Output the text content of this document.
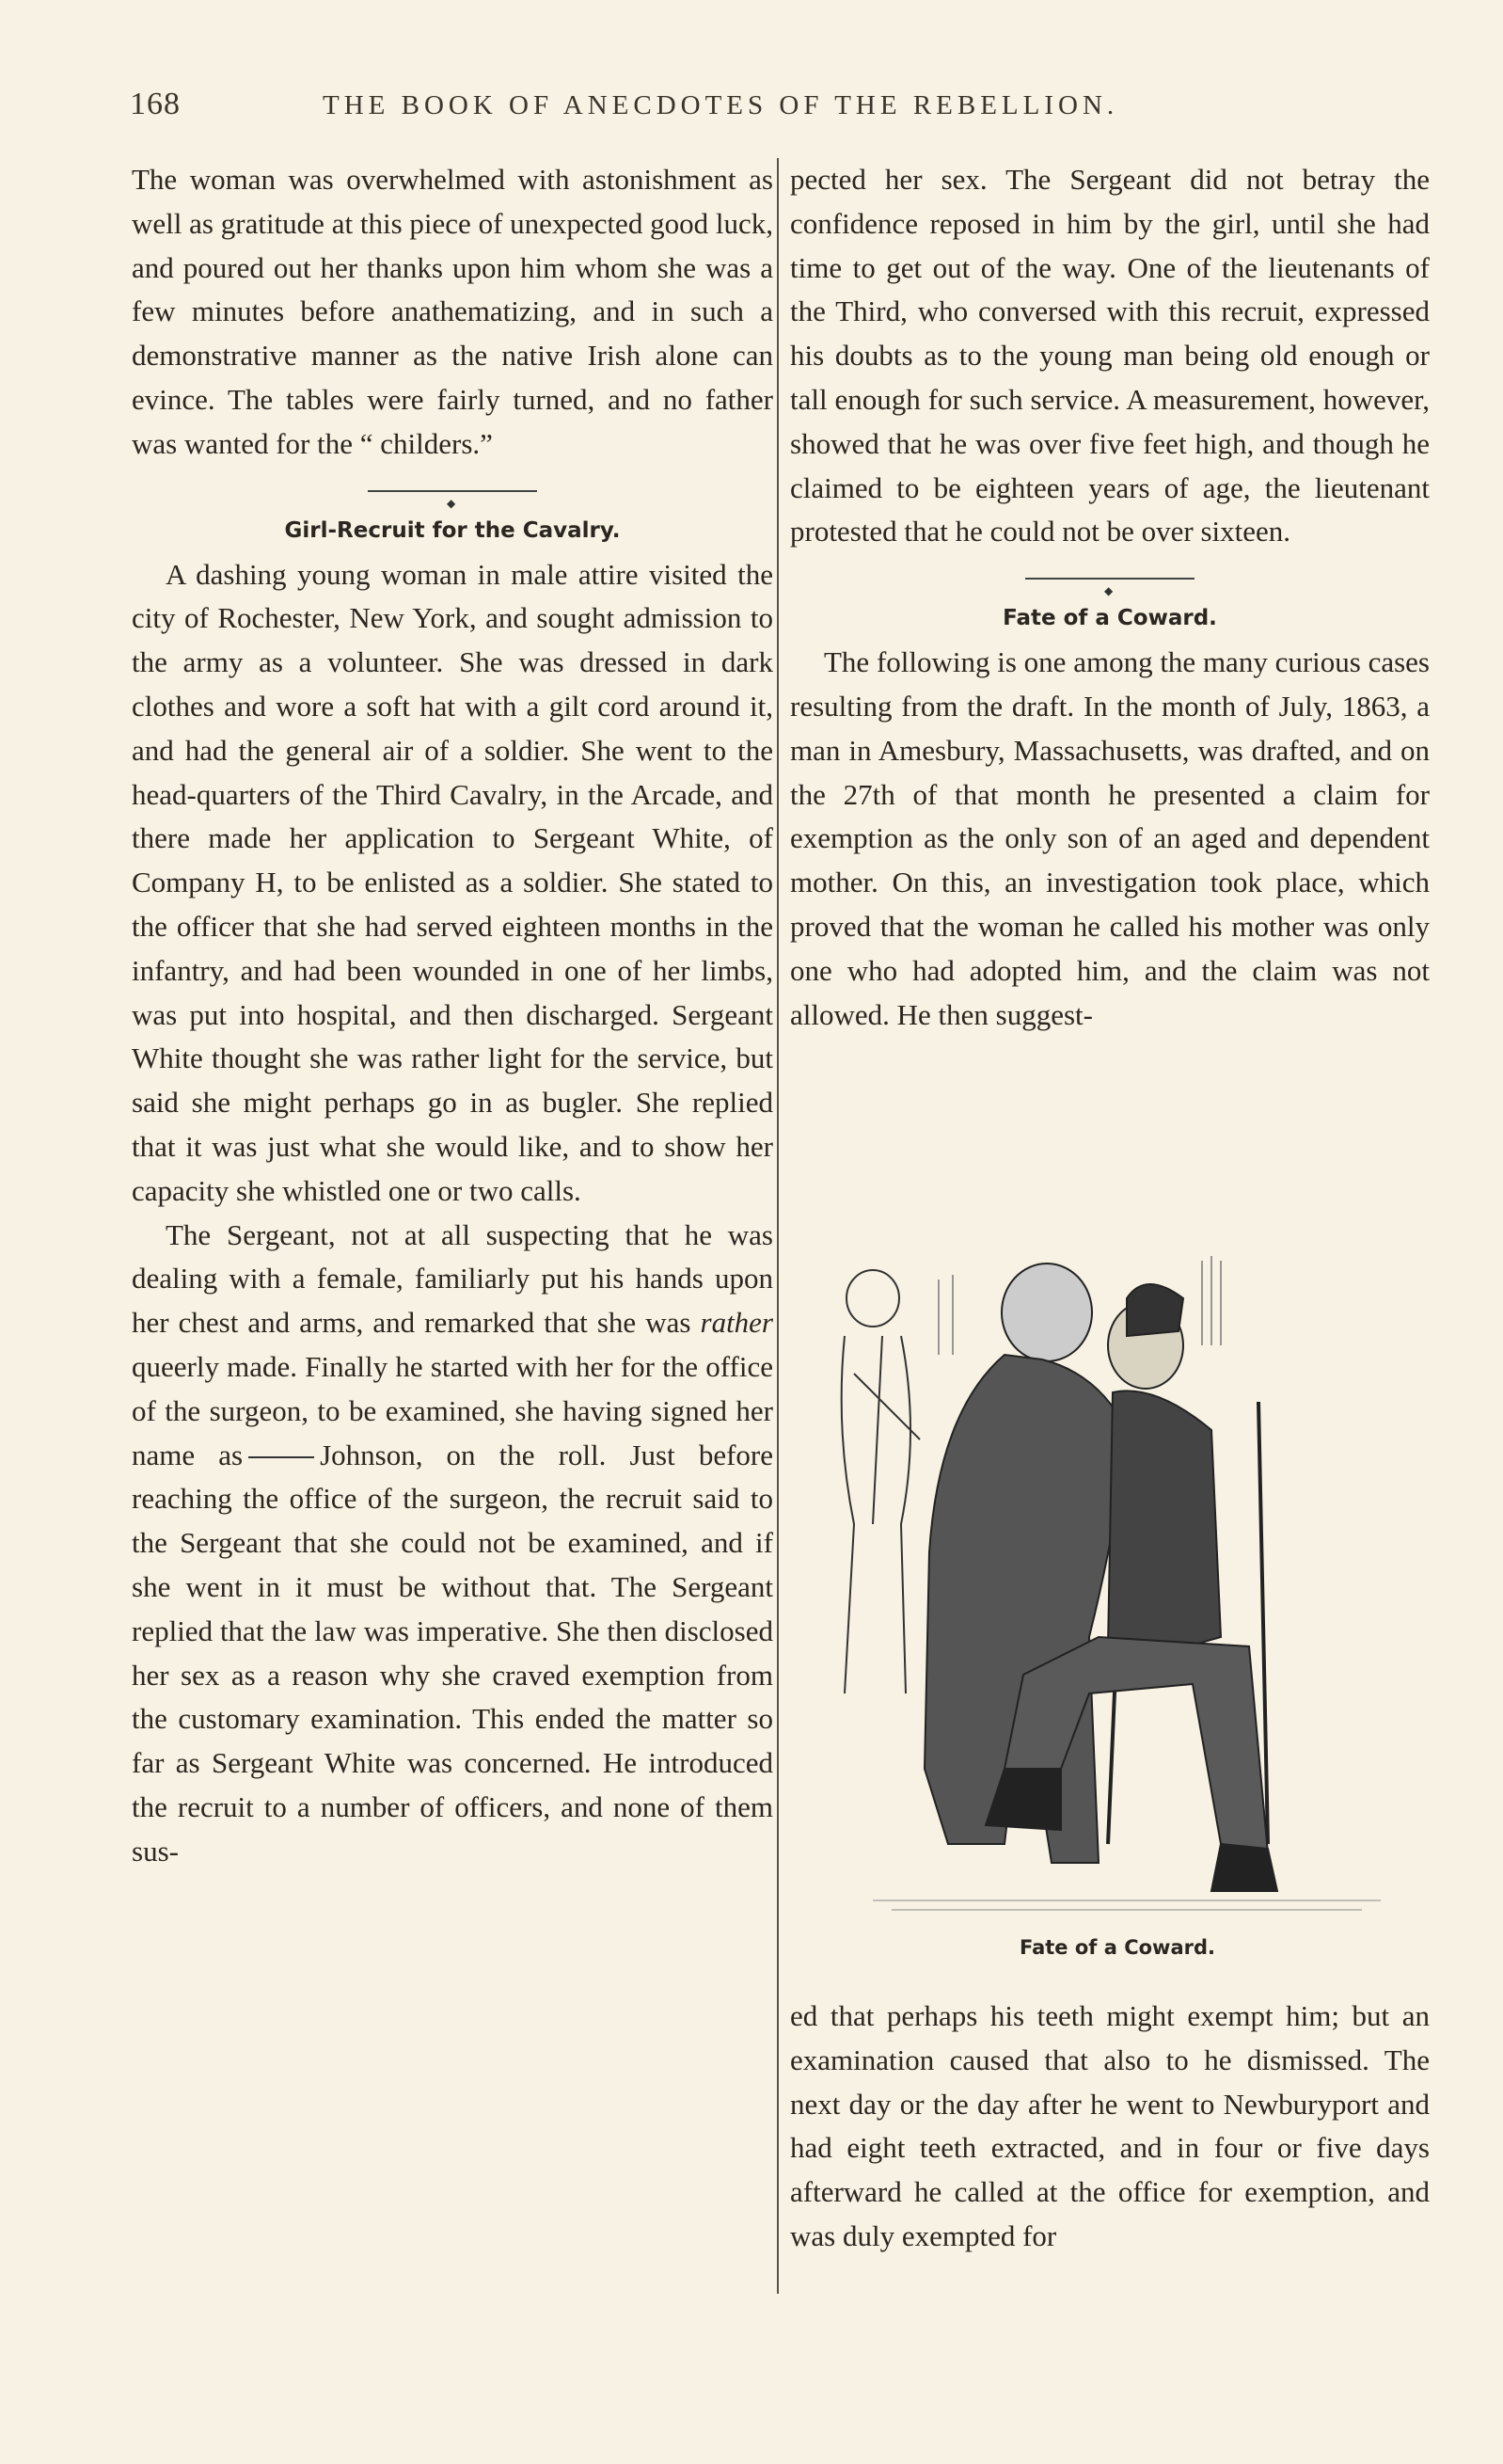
168	THE BOOK OF ANECDOTES OF THE REBELLION.

The woman was overwhelmed with astonishment as well as gratitude at this piece of unexpected good luck, and poured out her thanks upon him whom she was a few minutes before anathematizing, and in such a demonstrative manner as the native Irish alone can evince. The tables were fairly turned, and no father was wanted for the “ childers.”

◆
Girl-Recruit for the Cavalry.

A dashing young woman in male attire visited the city of Rochester, New York, and sought admission to the army as a volunteer. She was dressed in dark clothes and wore a soft hat with a gilt cord around it, and had the general air of a soldier. She went to the head-quarters of the Third Cavalry, in the Arcade, and there made her application to Sergeant White, of Company H, to be enlisted as a soldier. She stated to the officer that she had served eighteen months in the infantry, and had been wounded in one of her limbs, was put into hospital, and then discharged. Sergeant White thought she was rather light for the service, but said she might perhaps go in as bugler. She replied that it was just what she would like, and to show her capacity she whistled one or two calls.

The Sergeant, not at all suspecting that he was dealing with a female, familiarly put his hands upon her chest and arms, and remarked that she was rather queerly made. Finally he started with her for the office of the surgeon, to be examined, she having signed her name as	Johnson, on the roll. Just before reaching the office of the surgeon, the recruit said to the Sergeant that she could not be examined, and if she went in it must be without that. The Sergeant replied that the law was imperative. She then disclosed her sex as a reason why she craved exemption from the customary examination. This ended the matter so far as Sergeant White was concerned. He introduced the recruit to a number of officers, and none of them sus-

pected her sex. The Sergeant did not betray the confidence reposed in him by the girl, until she had time to get out of the way. One of the lieutenants of the Third, who conversed with this recruit, expressed his doubts as to the young man being old enough or tall enough for such service. A measurement, however, showed that he was over five feet high, and though he claimed to be eighteen years of age, the lieutenant protested that he could not be over sixteen.

◆
Fate of a Coward.

The following is one among the many curious cases resulting from the draft. In the month of July, 1863, a man in Amesbury, Massachusetts, was drafted, and on the 27th of that month he presented a claim for exemption as the only son of an aged and dependent mother. On this, an investigation took place, which proved that the woman he called his mother was only one who had adopted him, and the claim was not allowed. He then suggest-

Fate of a Coward.

ed that perhaps his teeth might exempt him; but an examination caused that also to he dismissed. The next day or the day after he went to Newburyport and had eight teeth extracted, and in four or five days afterward he called at the office for exemption, and was duly exempted for
